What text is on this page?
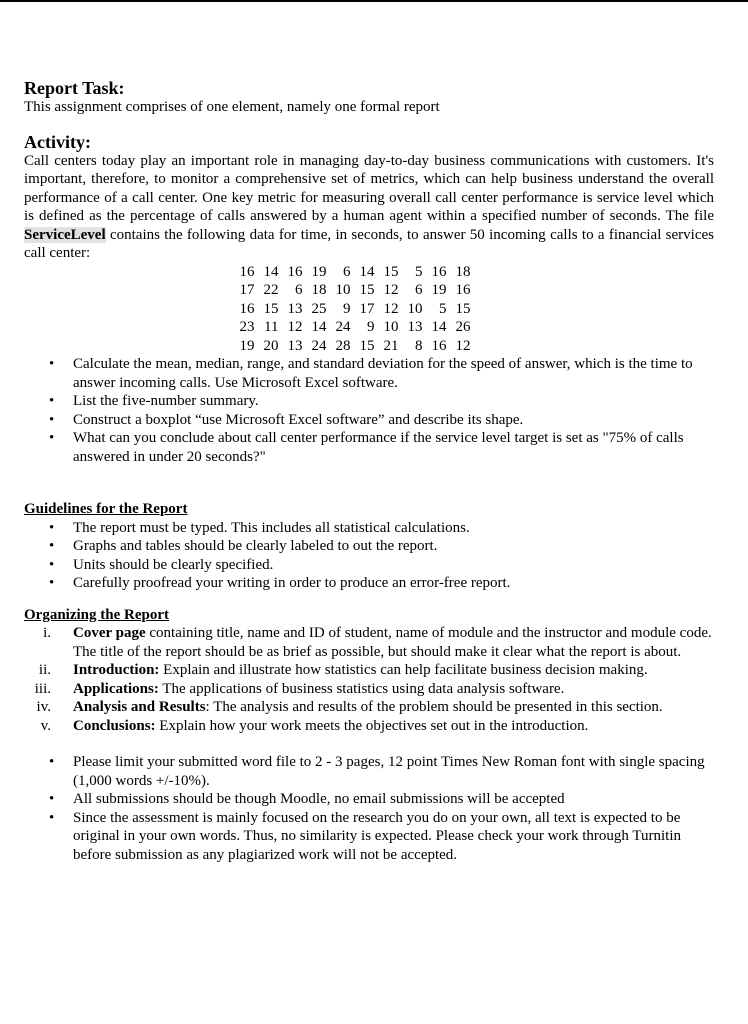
Report Task:

This assignment comprises of one element, namely one formal report

Activity:

Call centers today play an important role in managing day-to-day business communications with customers. It's important, therefore, to monitor a comprehensive set of metrics, which can help business understand the overall performance of a call center. One key metric for measuring overall call center performance is service level which is defined as the percentage of calls answered by a human agent within a specified number of seconds. The file ServiceLevel contains the following data for time, in seconds, to answer 50 incoming calls to a financial services call center:

16	14	16	19	6	14	15	5	16	18
17	22	6	18	10	15	12	6	19	16
16	15	13	25	9	17	12	10	5	15
23	11	12	14	24	9	10	13	14	26
19	20	13	24	28	15	21	8	16	12
• Calculate the mean, median, range, and standard deviation for the speed of answer, which is the time to answer incoming calls. Use Microsoft Excel software.
• List the five-number summary.
• Construct a boxplot “use Microsoft Excel software” and describe its shape.
• What can you conclude about call center performance if the service level target is set as "75% of calls answered in under 20 seconds?"

Guidelines for the Report

• The report must be typed. This includes all statistical calculations.
• Graphs and tables should be clearly labeled to out the report.
• Units should be clearly specified.
• Carefully proofread your writing in order to produce an error-free report.

Organizing the Report

i. Cover page containing title, name and ID of student, name of module and the instructor and module code. The title of the report should be as brief as possible, but should make it clear what the report is about.
ii. Introduction: Explain and illustrate how statistics can help facilitate business decision making.
iii. Applications: The applications of business statistics using data analysis software.
iv. Analysis and Results: The analysis and results of the problem should be presented in this section.
v. Conclusions: Explain how your work meets the objectives set out in the introduction.
• Please limit your submitted word file to 2 - 3 pages, 12 point Times New Roman font with single spacing (1,000 words +/-10%).
• All submissions should be though Moodle, no email submissions will be accepted
• Since the assessment is mainly focused on the research you do on your own, all text is expected to be original in your own words. Thus, no similarity is expected. Please check your work through Turnitin before submission as any plagiarized work will not be accepted.
